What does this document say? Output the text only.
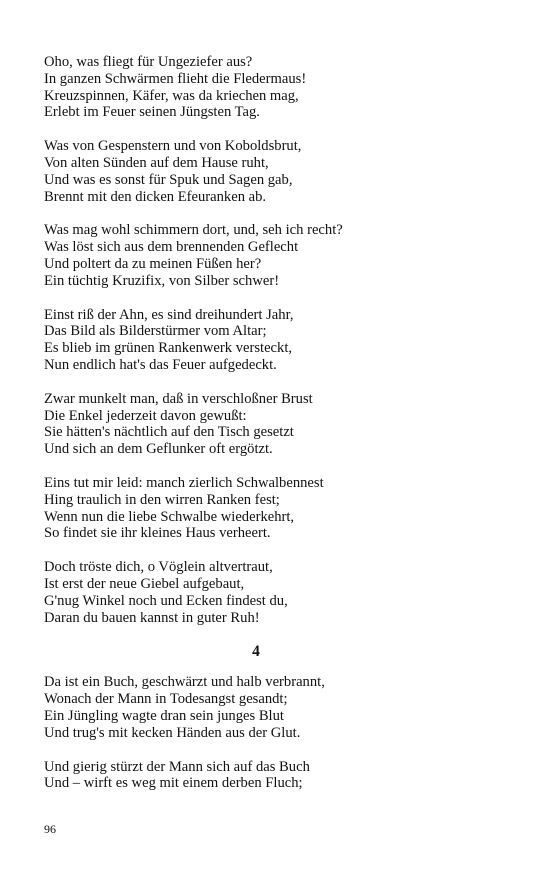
Oho, was fliegt für Ungeziefer aus?
In ganzen Schwärmen flieht die Fledermaus!
Kreuzspinnen, Käfer, was da kriechen mag,
Erlebt im Feuer seinen Jüngsten Tag.
Was von Gespenstern und von Koboldsbrut,
Von alten Sünden auf dem Hause ruht,
Und was es sonst für Spuk und Sagen gab,
Brennt mit den dicken Efeuranken ab.
Was mag wohl schimmern dort, und, seh ich recht?
Was löst sich aus dem brennenden Geflecht
Und poltert da zu meinen Füßen her?
Ein tüchtig Kruzifix, von Silber schwer!
Einst riß der Ahn, es sind dreihundert Jahr,
Das Bild als Bilderstürmer vom Altar;
Es blieb im grünen Rankenwerk versteckt,
Nun endlich hat's das Feuer aufgedeckt.
Zwar munkelt man, daß in verschloßner Brust
Die Enkel jederzeit davon gewußt:
Sie hätten's nächtlich auf den Tisch gesetzt
Und sich an dem Geflunker oft ergötzt.
Eins tut mir leid: manch zierlich Schwalbennest
Hing traulich in den wirren Ranken fest;
Wenn nun die liebe Schwalbe wiederkehrt,
So findet sie ihr kleines Haus verheert.
Doch tröste dich, o Vöglein altvertraut,
Ist erst der neue Giebel aufgebaut,
G'nug Winkel noch und Ecken findest du,
Daran du bauen kannst in guter Ruh!
4
Da ist ein Buch, geschwärzt und halb verbrannt,
Wonach der Mann in Todesangst gesandt;
Ein Jüngling wagte dran sein junges Blut
Und trug's mit kecken Händen aus der Glut.
Und gierig stürzt der Mann sich auf das Buch
Und – wirft es weg mit einem derben Fluch;
96
